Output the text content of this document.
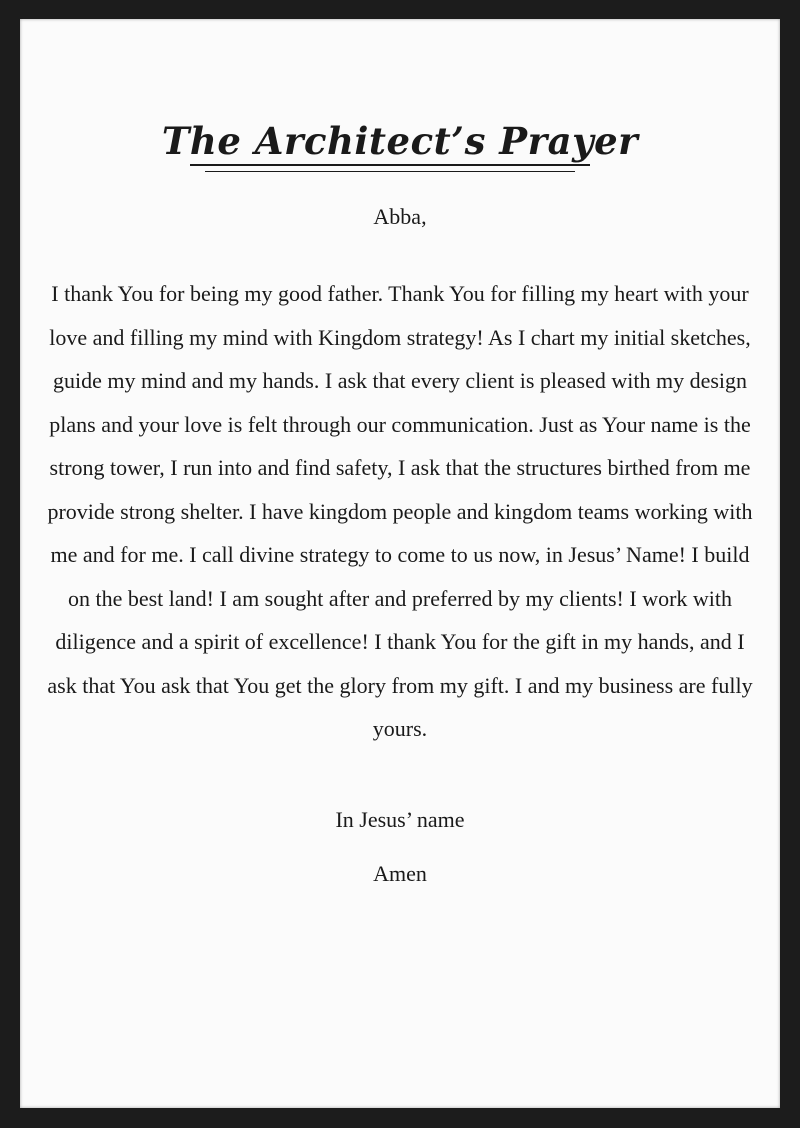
The Architect’s Prayer
Abba,

I thank You for being my good father. Thank You for filling my heart with your love and filling my mind with Kingdom strategy! As I chart my initial sketches, guide my mind and my hands. I ask that every client is pleased with my design plans and your love is felt through our communication. Just as Your name is the strong tower, I run into and find safety, I ask that the structures birthed from me provide strong shelter. I have kingdom people and kingdom teams working with me and for me. I call divine strategy to come to us now, in Jesus’ Name! I build on the best land! I am sought after and preferred by my clients! I work with diligence and a spirit of excellence! I thank You for the gift in my hands, and I ask that You ask that You get the glory from my gift. I and my business are fully yours.

In Jesus’ name
Amen
